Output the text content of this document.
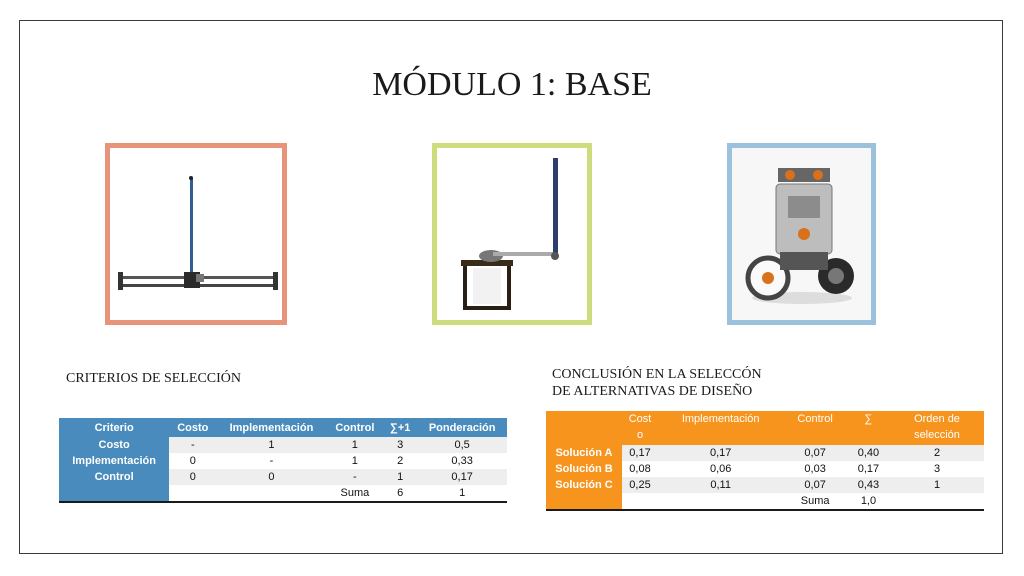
MÓDULO 1: BASE
CRITERIOS DE SELECCIÓN	CONCLUSIÓN EN LA SELECCÓN
DE ALTERNATIVAS DE DISEÑO
Criterio	Costo	Implementación	Control	∑+1	Ponderación
Costo	-	1	1	3	0,5
Implementación	0	-	1	2	0,33
Control	0	0	-	1	0,17
			Suma	6	1
	Cost o	Implementación	Control	∑	Orden de selección
Solución A	0,17	0,17	0,07	0,40	2
Solución B	0,08	0,06	0,03	0,17	3
Solución C	0,25	0,11	0,07	0,43	1
			Suma	1,0	
